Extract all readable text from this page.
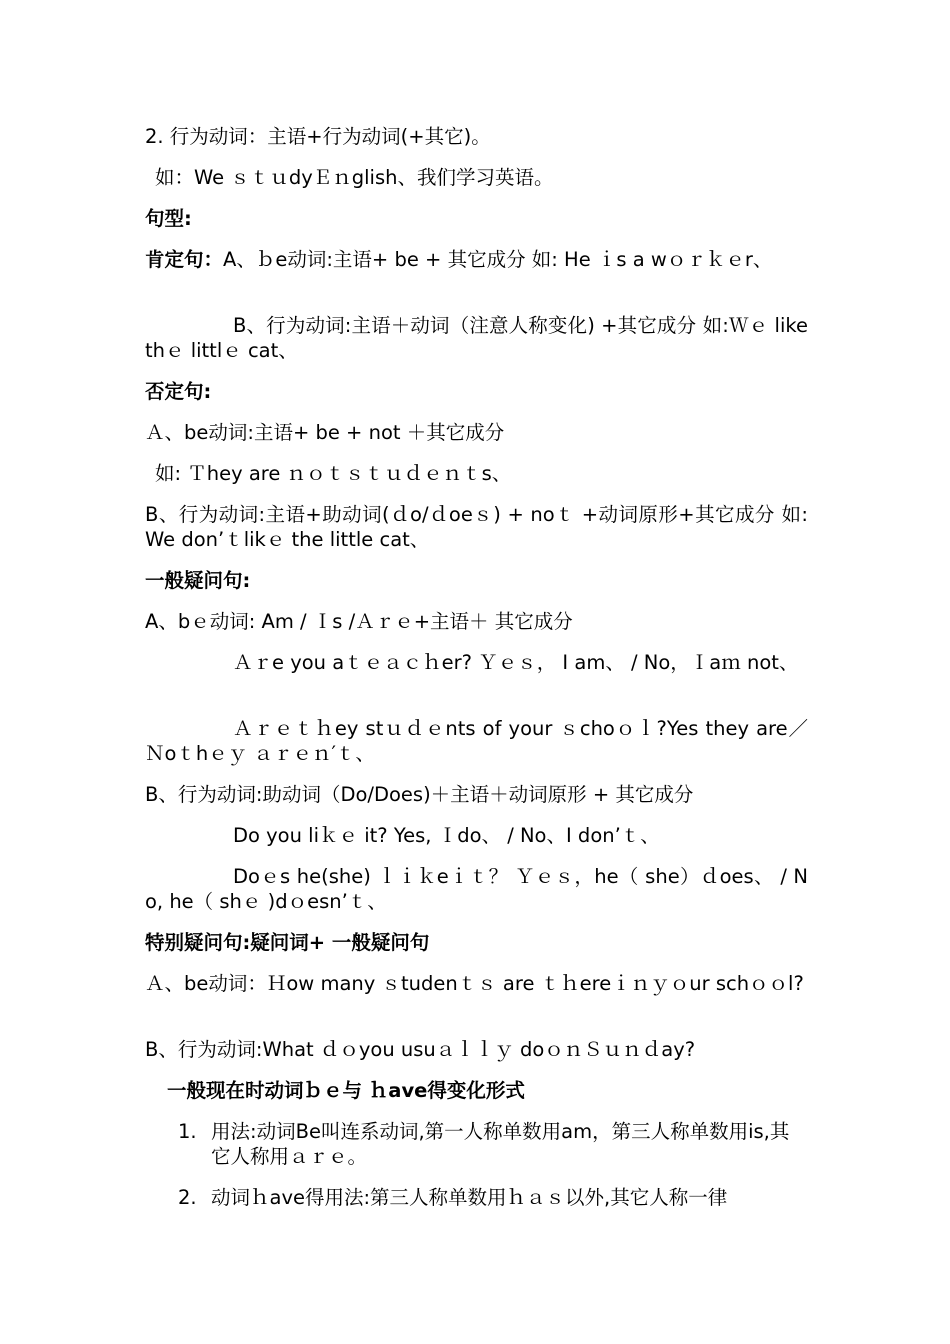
2. 行为动词：主语+行为动词(+其它)。
如：We ｓｔｕdyＥｎglish、我们学习英语。
句型:
肯定句：A、ｂe动词:主语+ be + 其它成分 如: He ｉs a wｏｒｋｅr、
B、行为动词:主语＋动词（注意人称变化) +其它成分 如:Ｗｅ like thｅ littlｅ cat、
否定句:
Ａ、be动词:主语+ be + not ＋其它成分
如: Ｔhey are ｎｏｔｓｔｕｄｅｎｔs、
B、行为动词:主语+助动词(ｄo/ｄoeｓ) + noｔ +动词原形+其它成分 如: We don’ｔlikｅ the little cat、
一般疑问句:
A、bｅ动词: Am / Ｉs /Ａｒｅ+主语＋ 其它成分
Ａｒe you aｔｅａｃｈer? Ｙｅｓ， I am、 / No，Ｉaｍ not、
Ａｒｅｔｈey stｕｄｅnts of your ｓchoｏｌ?Yes they are／Ｎoｔhｅｙ ａｒｅｎ′ｔ、
B、行为动词:助动词（Do/Does)＋主语＋动词原形 + 其它成分
Do you liｋｅ it? Yes, Ｉdo、 / No、I don’ｔ、
Doｅs he(she) ｌｉｋeｉｔ？ Ｙｅｓ，he（ she）ｄoes、 / No, he（ shｅ )dｏesn’ｔ、
特别疑问句:疑问词+ 一般疑问句
Ａ、be动词：Ｈow many ｓtudenｔｓ are ｔｈereｉｎｙｏur schｏｏl?
B、行为动词:What ｄｏyou usuａｌｌｙ doｏｎＳｕｎｄay?
一般现在时动词ｂｅ与 ｈave得变化形式
1. 用法:动词Be叫连系动词,第一人称单数用am，第三人称单数用is,其它人称用ａｒｅ。
2. 动词ｈave得用法:第三人称单数用ｈａｓ以外,其它人称一律
